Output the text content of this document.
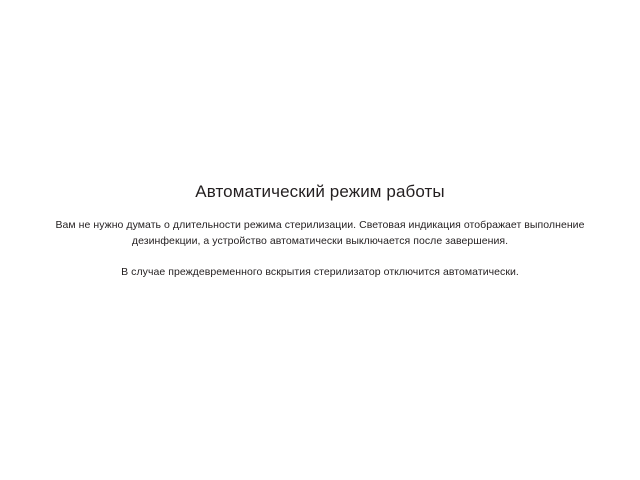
Автоматический режим работы

Вам не нужно думать о длительности режима стерилизации. Световая индикация отображает выполнение дезинфекции, а устройство автоматически выключается после завершения.

В случае преждевременного вскрытия стерилизатор отключится автоматически.
